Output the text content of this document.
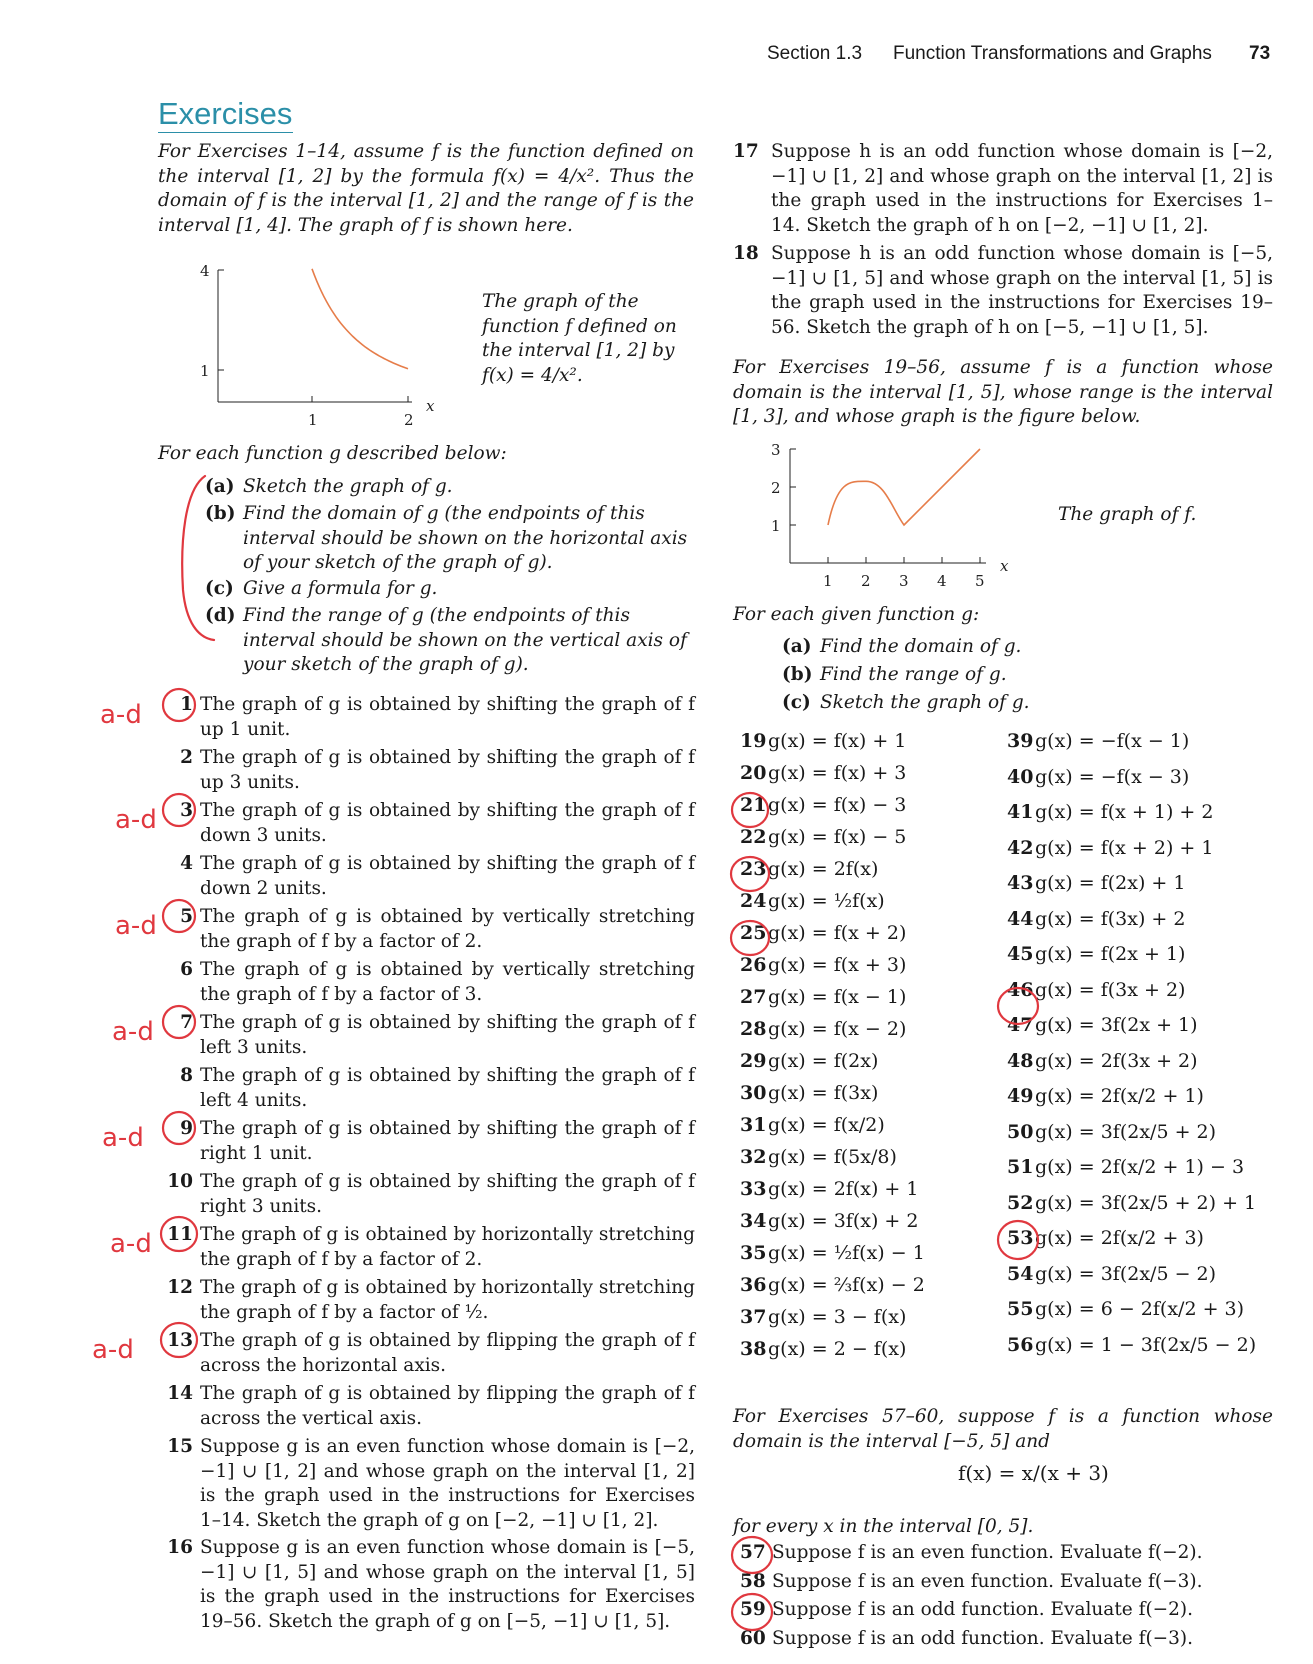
Section 1.3 Function Transformations and Graphs 73
Exercises
For Exercises 1–14, assume f is the function defined on the interval [1, 2] by the formula f(x) = 4/x². Thus the domain of f is the interval [1, 2] and the range of f is the interval [1, 4]. The graph of f is shown here.
4
1
1	2
x
The graph of the function f defined on the interval [1, 2] by f(x) = 4/x².
For each function g described below:
(a) Sketch the graph of g.
(b) Find the domain of g (the endpoints of this interval should be shown on the horizontal axis of your sketch of the graph of g).
(c) Give a formula for g.
(d) Find the range of g (the endpoints of this interval should be shown on the vertical axis of your sketch of the graph of g).
1 The graph of g is obtained by shifting the graph of f up 1 unit.
2 The graph of g is obtained by shifting the graph of f up 3 units.
3 The graph of g is obtained by shifting the graph of f down 3 units.
4 The graph of g is obtained by shifting the graph of f down 2 units.
5 The graph of g is obtained by vertically stretching the graph of f by a factor of 2.
6 The graph of g is obtained by vertically stretching the graph of f by a factor of 3.
7 The graph of g is obtained by shifting the graph of f left 3 units.
8 The graph of g is obtained by shifting the graph of f left 4 units.
9 The graph of g is obtained by shifting the graph of f right 1 unit.
10 The graph of g is obtained by shifting the graph of f right 3 units.
11 The graph of g is obtained by horizontally stretching the graph of f by a factor of 2.
12 The graph of g is obtained by horizontally stretching the graph of f by a factor of ½.
13 The graph of g is obtained by flipping the graph of f across the horizontal axis.
14 The graph of g is obtained by flipping the graph of f across the vertical axis.
15 Suppose g is an even function whose domain is [−2, −1] ∪ [1, 2] and whose graph on the interval [1, 2] is the graph used in the instructions for Exercises 1–14. Sketch the graph of g on [−2, −1] ∪ [1, 2].
16 Suppose g is an even function whose domain is [−5, −1] ∪ [1, 5] and whose graph on the interval [1, 5] is the graph used in the instructions for Exercises 19–56. Sketch the graph of g on [−5, −1] ∪ [1, 5].
17 Suppose h is an odd function whose domain is [−2, −1] ∪ [1, 2] and whose graph on the interval [1, 2] is the graph used in the instructions for Exercises 1–14. Sketch the graph of h on [−2, −1] ∪ [1, 2].
18 Suppose h is an odd function whose domain is [−5, −1] ∪ [1, 5] and whose graph on the interval [1, 5] is the graph used in the instructions for Exercises 19–56. Sketch the graph of h on [−5, −1] ∪ [1, 5].
For Exercises 19–56, assume f is a function whose domain is the interval [1, 5], whose range is the interval [1, 3], and whose graph is the figure below.
3
2
1
1 2 3 4 5
x
The graph of f.
For each given function g:
(a) Find the domain of g.
(b) Find the range of g.
(c) Sketch the graph of g.
19g(x) = f(x) + 1
20g(x) = f(x) + 3
21g(x) = f(x) − 3
22g(x) = f(x) − 5
23g(x) = 2f(x)
24g(x) = ½f(x)
25g(x) = f(x + 2)
26g(x) = f(x + 3)
27g(x) = f(x − 1)
28g(x) = f(x − 2)
29g(x) = f(2x)
30g(x) = f(3x)
31g(x) = f(x/2)
32g(x) = f(5x/8)
33g(x) = 2f(x) + 1
34g(x) = 3f(x) + 2
35g(x) = ½f(x) − 1
36g(x) = ⅔f(x) − 2
37g(x) = 3 − f(x)
38g(x) = 2 − f(x)
39g(x) = −f(x − 1)
40g(x) = −f(x − 3)
41g(x) = f(x + 1) + 2
42g(x) = f(x + 2) + 1
43g(x) = f(2x) + 1
44g(x) = f(3x) + 2
45g(x) = f(2x + 1)
46g(x) = f(3x + 2)
47g(x) = 3f(2x + 1)
48g(x) = 2f(3x + 2)
49g(x) = 2f(x/2 + 1)
50g(x) = 3f(2x/5 + 2)
51g(x) = 2f(x/2 + 1) − 3
52g(x) = 3f(2x/5 + 2) + 1
53g(x) = 2f(x/2 + 3)
54g(x) = 3f(2x/5 − 2)
55g(x) = 6 − 2f(x/2 + 3)
56g(x) = 1 − 3f(2x/5 − 2)
For Exercises 57–60, suppose f is a function whose domain is the interval [−5, 5] and
f(x) = x/(x + 3)
for every x in the interval [0, 5].
57 Suppose f is an even function. Evaluate f(−2).
58 Suppose f is an even function. Evaluate f(−3).
59 Suppose f is an odd function. Evaluate f(−2).
60 Suppose f is an odd function. Evaluate f(−3).
a-d
a-d
a-d
a-d
a-d
a-d
a-d
